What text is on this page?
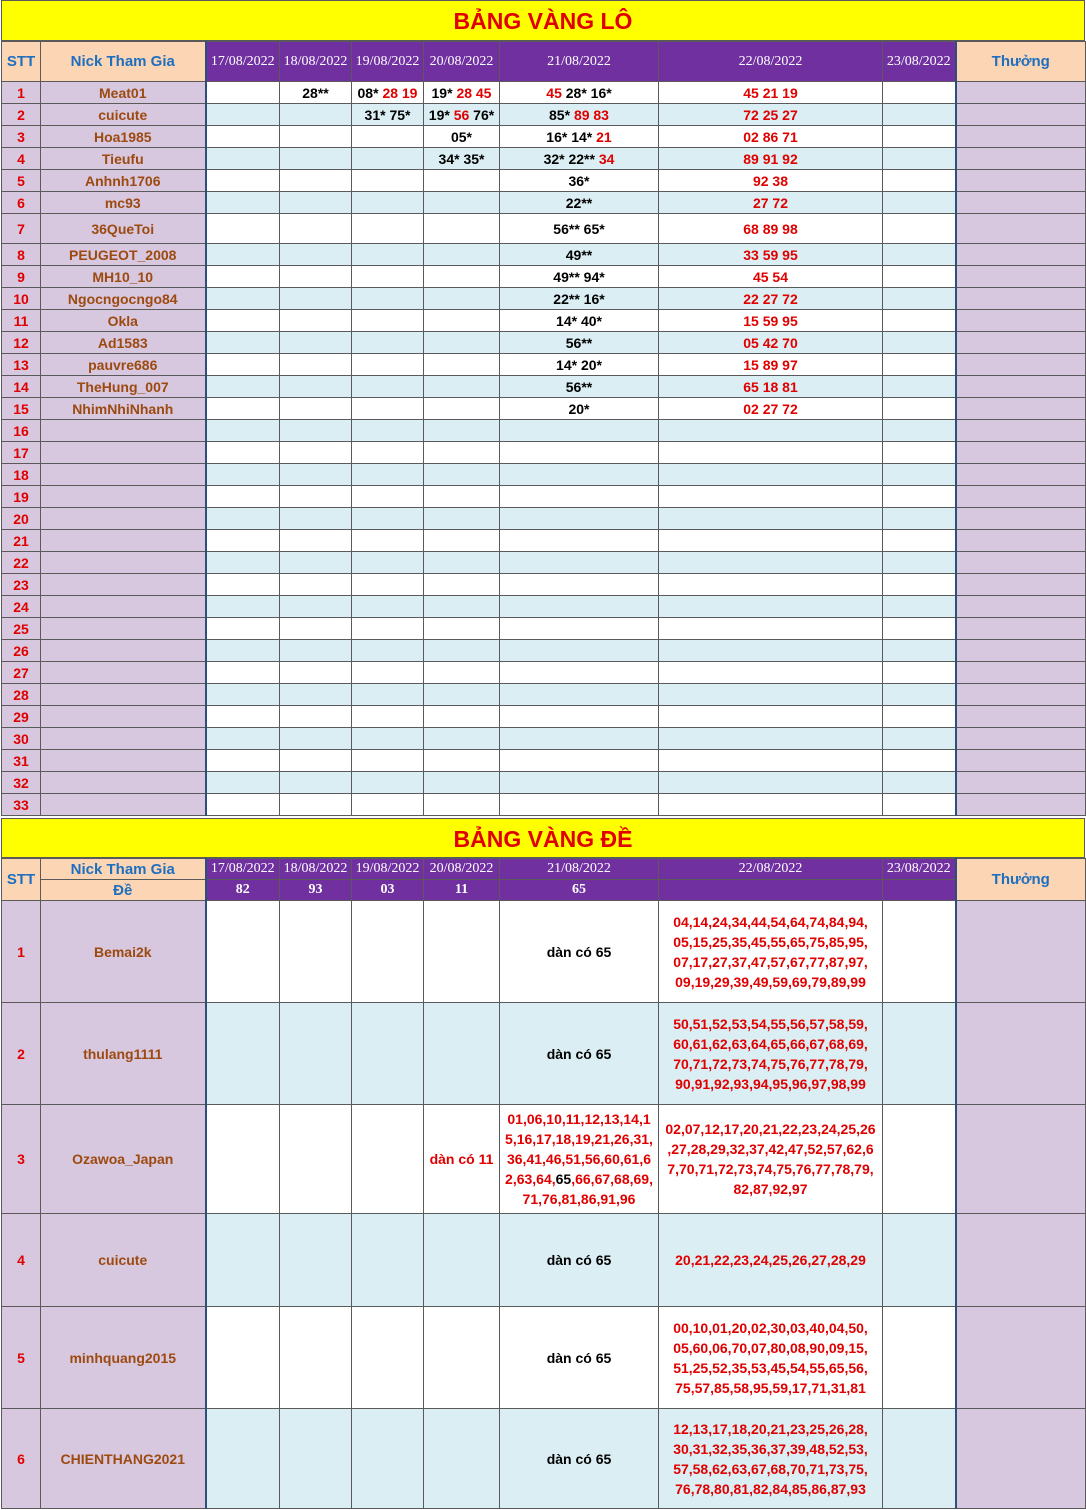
BẢNG VÀNG LÔ
STT	Nick Tham Gia	17/08/2022	18/08/2022	19/08/2022	20/08/2022	21/08/2022	22/08/2022	23/08/2022	Thưởng
1	Meat01		28**	08* 28 19	19* 28 45	45 28* 16*	45 21 19		
2	cuicute			31* 75*	19* 56 76*	85* 89 83	72 25 27		
3	Hoa1985				05*	16* 14* 21	02 86 71		
4	Tieufu				34* 35*	32* 22** 34	89 91 92		
5	Anhnh1706					36*	92 38		
6	mc93					22**	27 72		
7	36QueToi					56** 65*	68 89 98		
8	PEUGEOT_2008					49**	33 59 95		
9	MH10_10					49** 94*	45 54		
10	Ngocngocngo84					22** 16*	22 27 72		
11	Okla					14* 40*	15 59 95		
12	Ad1583					56**	05 42 70		
13	pauvre686					14* 20*	15 89 97		
14	TheHung_007					56**	65 18 81		
15	NhimNhiNhanh					20*	02 27 72		
16									
17									
18									
19									
20									
21									
22									
23									
24									
25									
26									
27									
28									
29									
30									
31									
32									
33									
BẢNG VÀNG ĐỀ
STT	Nick Tham Gia	17/08/2022	18/08/2022	19/08/2022	20/08/2022	21/08/2022	22/08/2022	23/08/2022	Thưởng
	Đề	82	93	03	11	65			
1	Bemai2k					dàn có 65	04,14,24,34,44,54,64,74,84,94,
05,15,25,35,45,55,65,75,85,95,
07,17,27,37,47,57,67,77,87,97,
09,19,29,39,49,59,69,79,89,99		
2	thulang1111					dàn có 65	50,51,52,53,54,55,56,57,58,59,
60,61,62,63,64,65,66,67,68,69,
70,71,72,73,74,75,76,77,78,79,
90,91,92,93,94,95,96,97,98,99		
3	Ozawoa_Japan				dàn có 11	01,06,10,11,12,13,14,1
5,16,17,18,19,21,26,31,
36,41,46,51,56,60,61,6
2,63,64,65,66,67,68,69,
71,76,81,86,91,96	02,07,12,17,20,21,22,23,24,25,26
,27,28,29,32,37,42,47,52,57,62,6
7,70,71,72,73,74,75,76,77,78,79,
82,87,92,97		
4	cuicute					dàn có 65	20,21,22,23,24,25,26,27,28,29		
5	minhquang2015					dàn có 65	00,10,01,20,02,30,03,40,04,50,
05,60,06,70,07,80,08,90,09,15,
51,25,52,35,53,45,54,55,65,56,
75,57,85,58,95,59,17,71,31,81		
6	CHIENTHANG2021					dàn có 65	12,13,17,18,20,21,23,25,26,28,
30,31,32,35,36,37,39,48,52,53,
57,58,62,63,67,68,70,71,73,75,
76,78,80,81,82,84,85,86,87,93		
